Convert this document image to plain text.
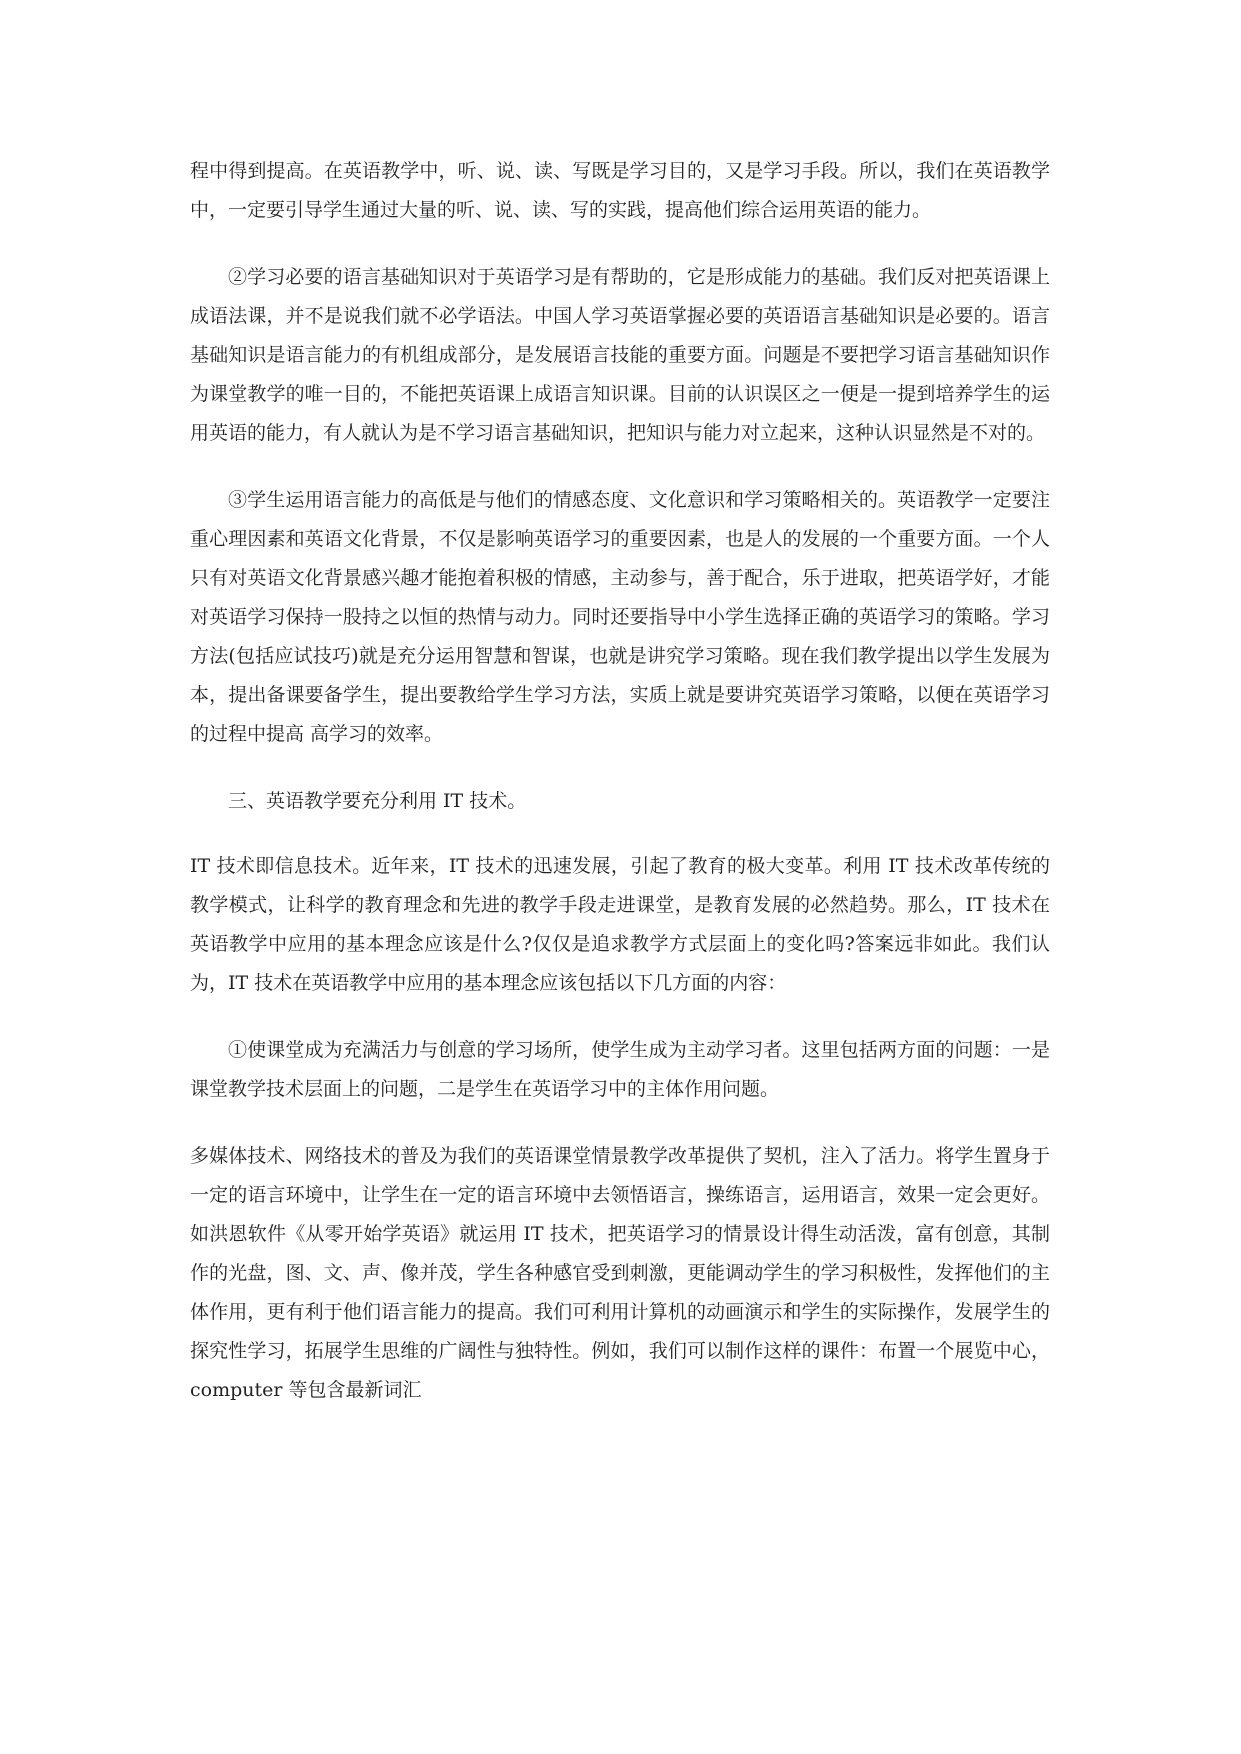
程中得到提高。在英语教学中，听、说、读、写既是学习目的，又是学习手段。所以，我们在英语教学中，一定要引导学生通过大量的听、说、读、写的实践，提高他们综合运用英语的能力。

②学习必要的语言基础知识对于英语学习是有帮助的，它是形成能力的基础。我们反对把英语课上成语法课，并不是说我们就不必学语法。中国人学习英语掌握必要的英语语言基础知识是必要的。语言基础知识是语言能力的有机组成部分，是发展语言技能的重要方面。问题是不要把学习语言基础知识作为课堂教学的唯一目的，不能把英语课上成语言知识课。目前的认识误区之一便是一提到培养学生的运用英语的能力，有人就认为是不学习语言基础知识，把知识与能力对立起来，这种认识显然是不对的。

③学生运用语言能力的高低是与他们的情感态度、文化意识和学习策略相关的。英语教学一定要注重心理因素和英语文化背景，不仅是影响英语学习的重要因素，也是人的发展的一个重要方面。一个人只有对英语文化背景感兴趣才能抱着积极的情感，主动参与，善于配合，乐于进取，把英语学好，才能对英语学习保持一股持之以恒的热情与动力。同时还要指导中小学生选择正确的英语学习的策略。学习方法(包括应试技巧)就是充分运用智慧和智谋，也就是讲究学习策略。现在我们教学提出以学生发展为本，提出备课要备学生，提出要教给学生学习方法，实质上就是要讲究英语学习策略，以便在英语学习的过程中提高 高学习的效率。

三、英语教学要充分利用 IT 技术。

IT 技术即信息技术。近年来，IT 技术的迅速发展，引起了教育的极大变革。利用 IT 技术改革传统的教学模式，让科学的教育理念和先进的教学手段走进课堂，是教育发展的必然趋势。那么，IT 技术在英语教学中应用的基本理念应该是什么?仅仅是追求教学方式层面上的变化吗?答案远非如此。我们认为，IT 技术在英语教学中应用的基本理念应该包括以下几方面的内容：

①使课堂成为充满活力与创意的学习场所，使学生成为主动学习者。这里包括两方面的问题：一是课堂教学技术层面上的问题，二是学生在英语学习中的主体作用问题。

多媒体技术、网络技术的普及为我们的英语课堂情景教学改革提供了契机，注入了活力。将学生置身于一定的语言环境中，让学生在一定的语言环境中去领悟语言，操练语言，运用语言，效果一定会更好。如洪恩软件《从零开始学英语》就运用 IT 技术，把英语学习的情景设计得生动活泼，富有创意，其制作的光盘，图、文、声、像并茂，学生各种感官受到刺激，更能调动学生的学习积极性，发挥他们的主体作用，更有利于他们语言能力的提高。我们可利用计算机的动画演示和学生的实际操作，发展学生的探究性学习，拓展学生思维的广阔性与独特性。例如，我们可以制作这样的课件：布置一个展览中心，computer 等包含最新词汇
